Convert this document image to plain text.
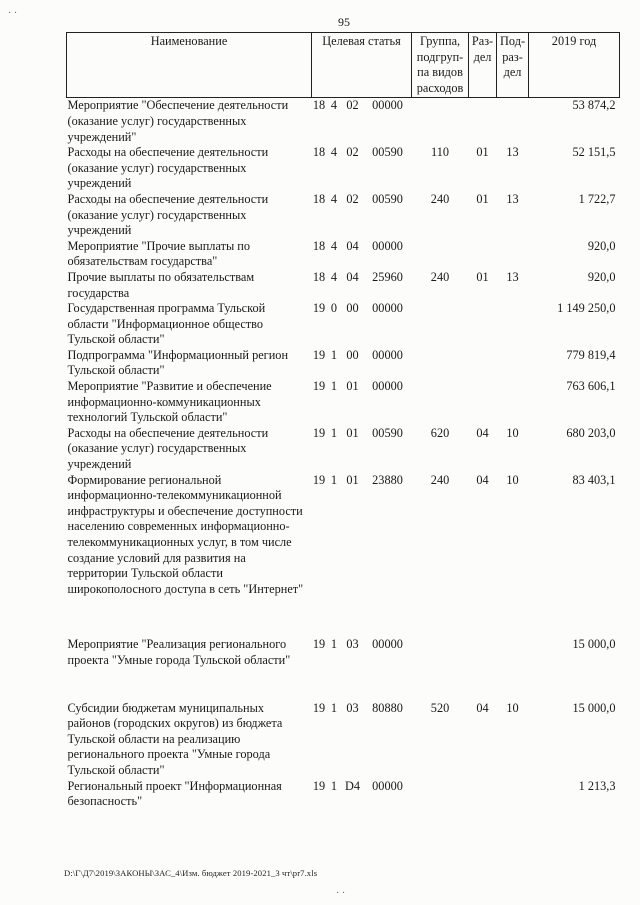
95
Наименование	Целевая статья				Группа, подгруп-па видов расходов	Раз-дел	Под-раз-дел	2019 год
Мероприятие "Обеспечение деятельности (оказание услуг) государственных учреждений"	18	4	02	00000				53 874,2
Расходы на обеспечение деятельности (оказание услуг) государственных учреждений	18	4	02	00590	110	01	13	52 151,5
Расходы на обеспечение деятельности (оказание услуг) государственных учреждений	18	4	02	00590	240	01	13	1 722,7
Мероприятие "Прочие выплаты по обязательствам государства"	18	4	04	00000				920,0
Прочие выплаты по обязательствам государства	18	4	04	25960	240	01	13	920,0
Государственная программа Тульской области "Информационное общество Тульской области"	19	0	00	00000				1 149 250,0
Подпрограмма "Информационный регион Тульской области"	19	1	00	00000				779 819,4
Мероприятие "Развитие и обеспечение информационно-коммуникационных технологий Тульской области"	19	1	01	00000				763 606,1
Расходы на обеспечение деятельности (оказание услуг) государственных учреждений	19	1	01	00590	620	04	10	680 203,0
Формирование региональной информационно-телекоммуникационной инфраструктуры и обеспечение доступности населению современных информационно-телекоммуникационных услуг, в том числе создание условий для развития на территории Тульской области широкополосного доступа в сеть "Интернет"	19	1	01	23880	240	04	10	83 403,1

Мероприятие "Реализация регионального проекта "Умные города Тульской области"	19	1	03	00000				15 000,0

Субсидии бюджетам муниципальных районов (городских округов) из бюджета Тульской области на реализацию регионального проекта "Умные города Тульской области"	19	1	03	80880	520	04	10	15 000,0
Региональный проект "Информационная безопасность"	19	1	D4	00000				1 213,3
D:\Г\Д7\2019\ЗАКОНЫ\ЗАС_4\Изм. бюджет 2019-2021_3 чт\pr7.xls
· ·
· ·
